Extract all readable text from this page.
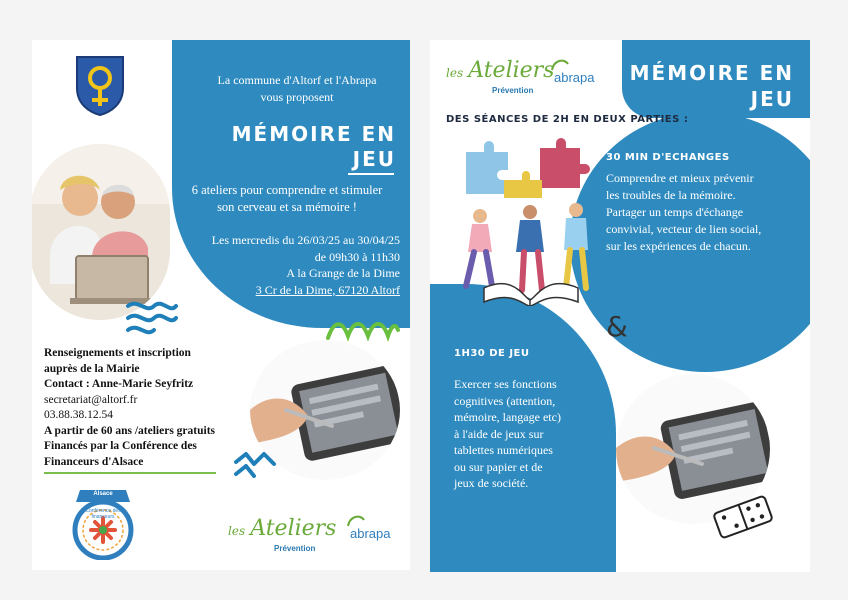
La commune d'Altorf et l'Abrapa
vous proposent
MÉMOIRE EN
JEU
6 ateliers pour comprendre et stimuler
son cerveau et sa mémoire !
Les mercredis du 26/03/25 au 30/04/25
de 09h30 à 11h30
A la Grange de la Dime
3 Cr de la Dime, 67120 Altorf
Renseignements et inscription
auprès de la Mairie
Contact : Anne-Marie Seyfritz
secretariat@altorf.fr
03.88.38.12.54
A partir de 60 ans /ateliers gratuits
Financés par la Conférence des
Financeurs d'Alsace
Alsace
Conférence des financeurs
les Ateliers
Prévention
abrapa
les Ateliers
Prévention
abrapa	MÉMOIRE EN
JEU
DES SÉANCES DE 2H EN DEUX PARTIES :
30 MIN D'ECHANGES
Comprendre et mieux prévenir
les troubles de la mémoire.
Partager un temps d'échange
convivial, vecteur de lien social,
sur les expériences de chacun.
&
1H30 DE JEU
Exercer ses fonctions
cognitives (attention,
mémoire, langage etc)
à l'aide de jeux sur
tablettes numériques
ou sur papier et de
jeux de société.
